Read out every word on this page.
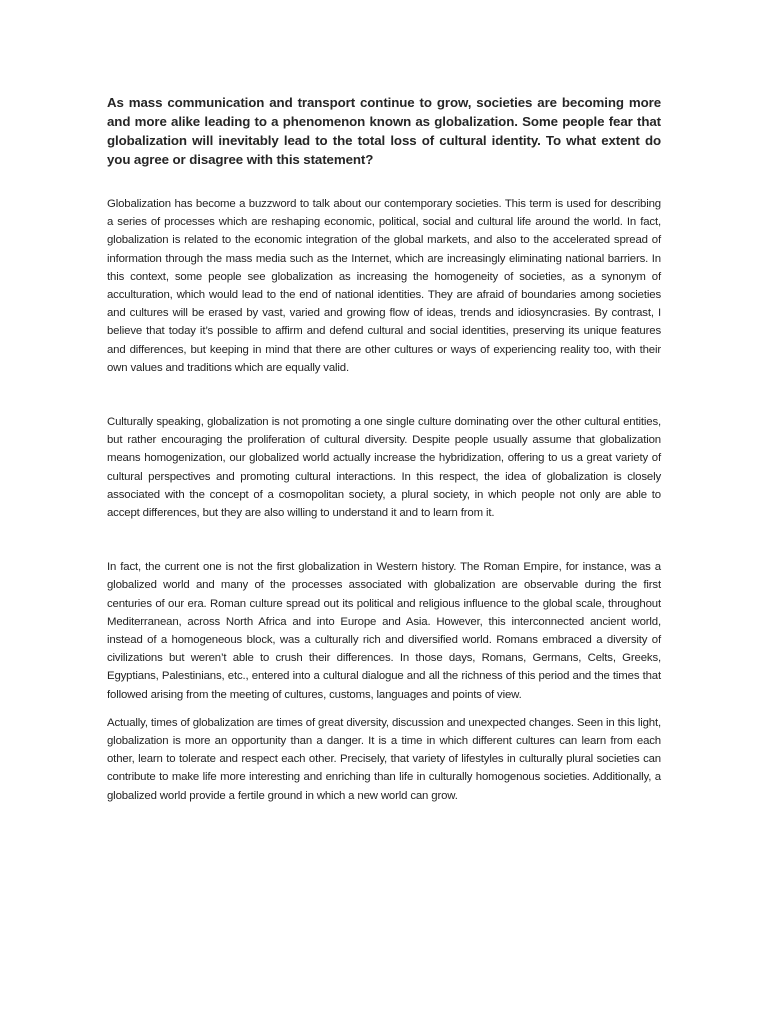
As mass communication and transport continue to grow, societies are becoming more and more alike leading to a phenomenon known as globalization. Some people fear that globalization will inevitably lead to the total loss of cultural identity. To what extent do you agree or disagree with this statement?

Globalization has become a buzzword to talk about our contemporary societies. This term is used for describing a series of processes which are reshaping economic, political, social and cultural life around the world. In fact, globalization is related to the economic integration of the global markets, and also to the accelerated spread of information through the mass media such as the Internet, which are increasingly eliminating national barriers. In this context, some people see globalization as increasing the homogeneity of societies, as a synonym of acculturation, which would lead to the end of national identities. They are afraid of boundaries among societies and cultures will be erased by vast, varied and growing flow of ideas, trends and idiosyncrasies. By contrast, I believe that today it’s possible to affirm and defend cultural and social identities, preserving its unique features and differences, but keeping in mind that there are other cultures or ways of experiencing reality too, with their own values and traditions which are equally valid.

Culturally speaking, globalization is not promoting a one single culture dominating over the other cultural entities, but rather encouraging the proliferation of cultural diversity. Despite people usually assume that globalization means homogenization, our globalized world actually increase the hybridization, offering to us a great variety of cultural perspectives and promoting cultural interactions. In this respect, the idea of globalization is closely associated with the concept of a cosmopolitan society, a plural society, in which people not only are able to accept differences, but they are also willing to understand it and to learn from it.

In fact, the current one is not the first globalization in Western history. The Roman Empire, for instance, was a globalized world and many of the processes associated with globalization are observable during the first centuries of our era. Roman culture spread out its political and religious influence to the global scale, throughout Mediterranean, across North Africa and into Europe and Asia. However, this interconnected ancient world, instead of a homogeneous block, was a culturally rich and diversified world. Romans embraced a diversity of civilizations but weren’t able to crush their differences. In those days, Romans, Germans, Celts, Greeks, Egyptians, Palestinians, etc., entered into a cultural dialogue and all the richness of this period and the times that followed arising from the meeting of cultures, customs, languages and points of view.

Actually, times of globalization are times of great diversity, discussion and unexpected changes. Seen in this light, globalization is more an opportunity than a danger. It is a time in which different cultures can learn from each other, learn to tolerate and respect each other. Precisely, that variety of lifestyles in culturally plural societies can contribute to make life more interesting and enriching than life in culturally homogenous societies. Additionally, a globalized world provide a fertile ground in which a new world can grow.
